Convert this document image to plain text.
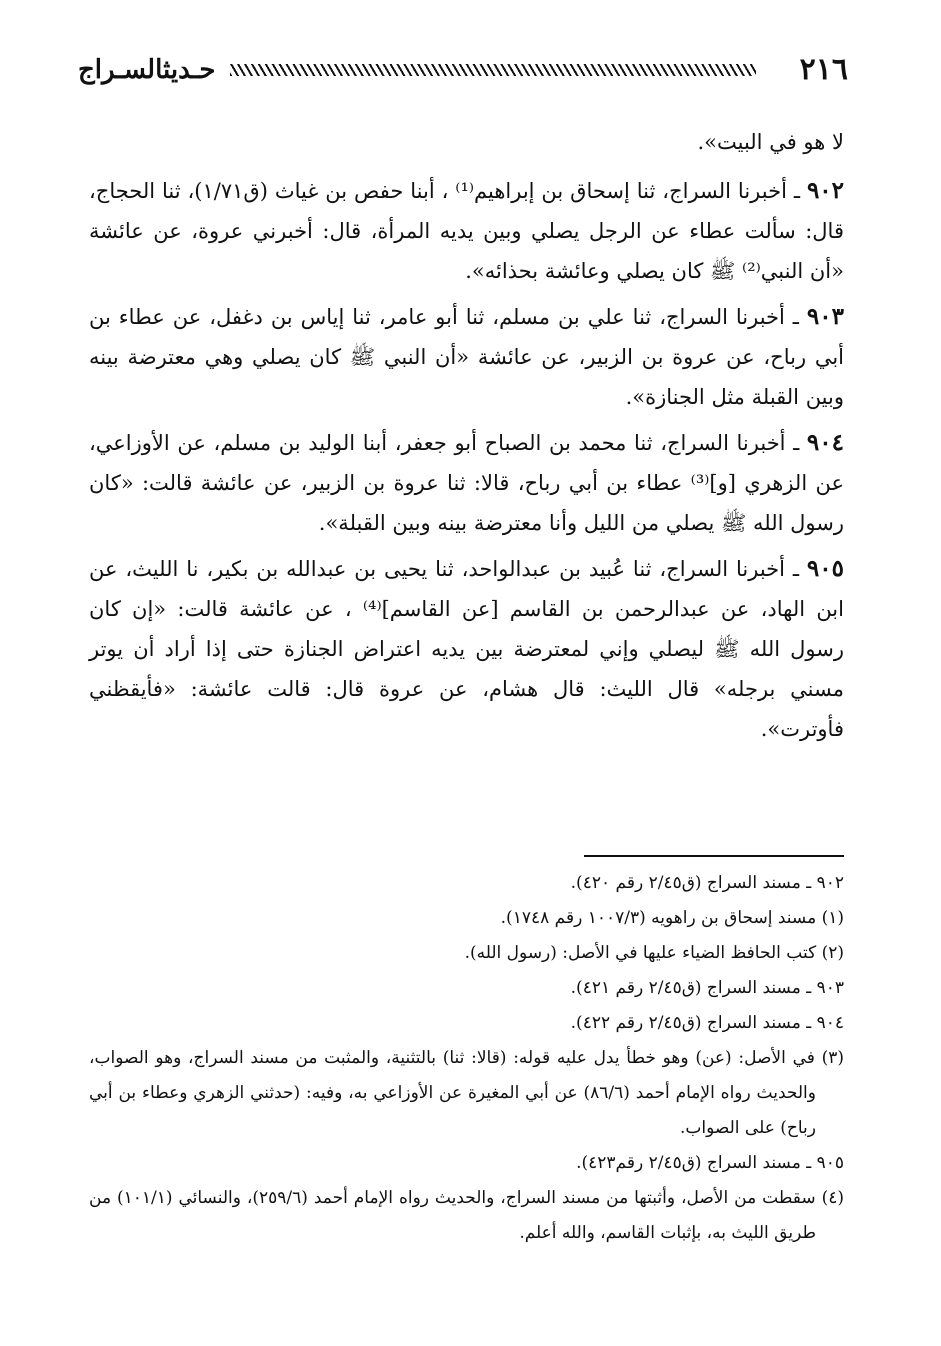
٢١٦
حـديثالسـراج

لا هو في البيت».

٩٠٢ ـ أخبرنا السراج، ثنا إسحاق بن إبراهيم⁽¹⁾ ، أبنا حفص بن غياث (ق١/٧١)، ثنا الحجاج، قال: سألت عطاء عن الرجل يصلي وبين يديه المرأة، قال: أخبرني عروة، عن عائشة «أن النبي⁽²⁾ ﷺ كان يصلي وعائشة بحذائه».

٩٠٣ ـ أخبرنا السراج، ثنا علي بن مسلم، ثنا أبو عامر، ثنا إياس بن دغفل، عن عطاء بن أبي رباح، عن عروة بن الزبير، عن عائشة «أن النبي ﷺ كان يصلي وهي معترضة بينه وبين القبلة مثل الجنازة».

٩٠٤ ـ أخبرنا السراج، ثنا محمد بن الصباح أبو جعفر، أبنا الوليد بن مسلم، عن الأوزاعي، عن الزهري [و]⁽³⁾ عطاء بن أبي رباح، قالا: ثنا عروة بن الزبير، عن عائشة قالت: «كان رسول الله ﷺ يصلي من الليل وأنا معترضة بينه وبين القبلة».

٩٠٥ ـ أخبرنا السراج، ثنا عُبيد بن عبدالواحد، ثنا يحيى بن عبدالله بن بكير، نا الليث، عن ابن الهاد، عن عبدالرحمن بن القاسم [عن القاسم]⁽⁴⁾ ، عن عائشة قالت: «إن كان رسول الله ﷺ ليصلي وإني لمعترضة بين يديه اعتراض الجنازة حتى إذا أراد أن يوتر مسني برجله» قال الليث: قال هشام، عن عروة قال: قالت عائشة: «فأيقظني فأوترت».

٩٠٢ ـ مسند السراج (ق٢/٤٥ رقم ٤٢٠).

(١) مسند إسحاق بن راهويه (١٠٠٧/٣ رقم ١٧٤٨).

(٢) كتب الحافظ الضياء عليها في الأصل: (رسول الله).

٩٠٣ ـ مسند السراج (ق٢/٤٥ رقم ٤٢١).

٩٠٤ ـ مسند السراج (ق٢/٤٥ رقم ٤٢٢).

(٣) في الأصل: (عن) وهو خطأ يدل عليه قوله: (قالا: ثنا) بالتثنية، والمثبت من مسند السراج، وهو الصواب، والحديث رواه الإمام أحمد (٨٦/٦) عن أبي المغيرة عن الأوزاعي به، وفيه: (حدثني الزهري وعطاء بن أبي رباح) على الصواب.

٩٠٥ ـ مسند السراج (ق٢/٤٥ رقم٤٢٣).

(٤) سقطت من الأصل، وأثبتها من مسند السراج، والحديث رواه الإمام أحمد (٢٥٩/٦)، والنسائي (١٠١/١) من طريق الليث به، بإثبات القاسم، والله أعلم.
